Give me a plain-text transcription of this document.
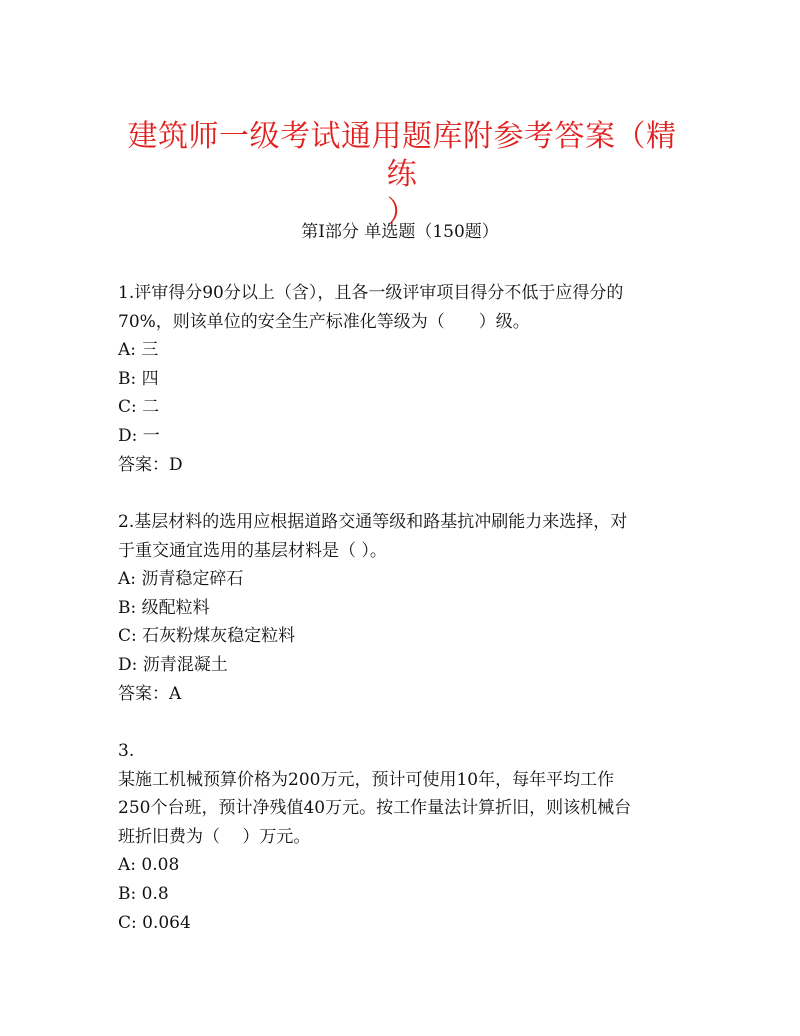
建筑师一级考试通用题库附参考答案（精练
）
第Ⅰ部分 单选题（150题）
1.评审得分90分以上（含），且各一级评审项目得分不低于应得分的
70%，则该单位的安全生产标准化等级为（　　）级。
A: 三
B: 四
C: 二
D: 一
答案：D
2.基层材料的选用应根据道路交通等级和路基抗冲刷能力来选择，对
于重交通宜选用的基层材料是（ ）。
A: 沥青稳定碎石
B: 级配粒料
C: 石灰粉煤灰稳定粒料
D: 沥青混凝土
答案：A
3.
某施工机械预算价格为200万元，预计可使用10年，每年平均工作
250个台班，预计净残值40万元。按工作量法计算折旧，则该机械台
班折旧费为（　 ）万元。
A: 0.08
B: 0.8
C: 0.064
